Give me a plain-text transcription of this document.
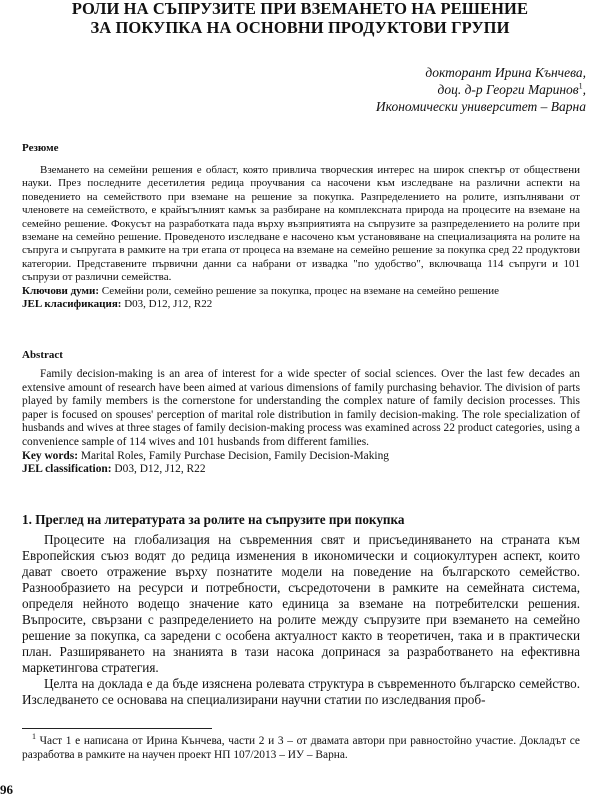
РОЛИ НА СЪПРУЗИТЕ ПРИ ВЗЕМАНЕТО НА РЕШЕНИЕ
ЗА ПОКУПКА НА ОСНОВНИ ПРОДУКТОВИ ГРУПИ
докторант Ирина Кънчева,
доц. д-р Георги Маринов$^1$,
Икономически университет – Варна
Резюме

Вземането на семейни решения е област, която привлича творческия интерес на широк спектър от обществени науки. През последните десетилетия редица проучвания са насочени към изследване на различни аспекти на поведението на семейството при вземане на решение за покупка. Разпределението на ролите, изпълнявани от членовете на семейството, е крайъгълният камък за разбиране на комплексната природа на процесите на вземане на семейно решение. Фокусът на разработката пада върху възприятията на съпрузите за разпределението на ролите при вземане на семейно решение. Проведеното изследване е насочено към установяване на специализацията на ролите на съпруга и съпругата в рамките на три етапа от процеса на вземане на семейно решение за покупка сред 22 продуктови категории. Представените първични данни са набрани от извадка "по удобство", включваща 114 съпруги и 101 съпрузи от различни семейства.

Ключови думи: Семейни роли, семейно решение за покупка, процес на вземане на семейно решение

JEL класификация: D03, D12, J12, R22

Abstract

Family decision-making is an area of interest for a wide specter of social sciences. Over the last few decades an extensive amount of research have been aimed at various dimensions of family purchasing behavior. The division of parts played by family members is the cornerstone for understanding the complex nature of family decision processes. This paper is focused on spouses' perception of marital role distribution in family decision-making. The role specialization of husbands and wives at three stages of family decision-making process was examined across 22 product categories, using a convenience sample of 114 wives and 101 husbands from different families.

Key words: Marital Roles, Family Purchase Decision, Family Decision-Making

JEL classification: D03, D12, J12, R22

1. Преглед на литературата за ролите на съпрузите при покупка

Процесите на глобализация на съвременния свят и присъединяването на страната към Европейския съюз водят до редица изменения в икономически и социокултурен аспект, които дават своето отражение върху познатите модели на поведение на българското семейство. Разнообразието на ресурси и потребности, съсредоточени в рамките на семейната система, определя нейното водещо значение като единица за вземане на потребителски решения. Въпросите, свързани с разпределението на ролите между съпрузите при вземането на семейно решение за покупка, са заредени с особена актуалност както в теоретичен, така и в практически план. Разширяването на знанията в тази насока допринася за разработването на ефективна маркетингова стратегия.

Целта на доклада е да бъде изяснена ролевата структура в съвременното българско семейство. Изследването се основава на специализирани научни статии по изследвания проб-

$^1$ Част 1 е написана от Ирина Кънчева, части 2 и 3 – от двамата автори при равностойно участие. Докладът се разработва в рамките на научен проект НП 107/2013 – ИУ – Варна.

96
